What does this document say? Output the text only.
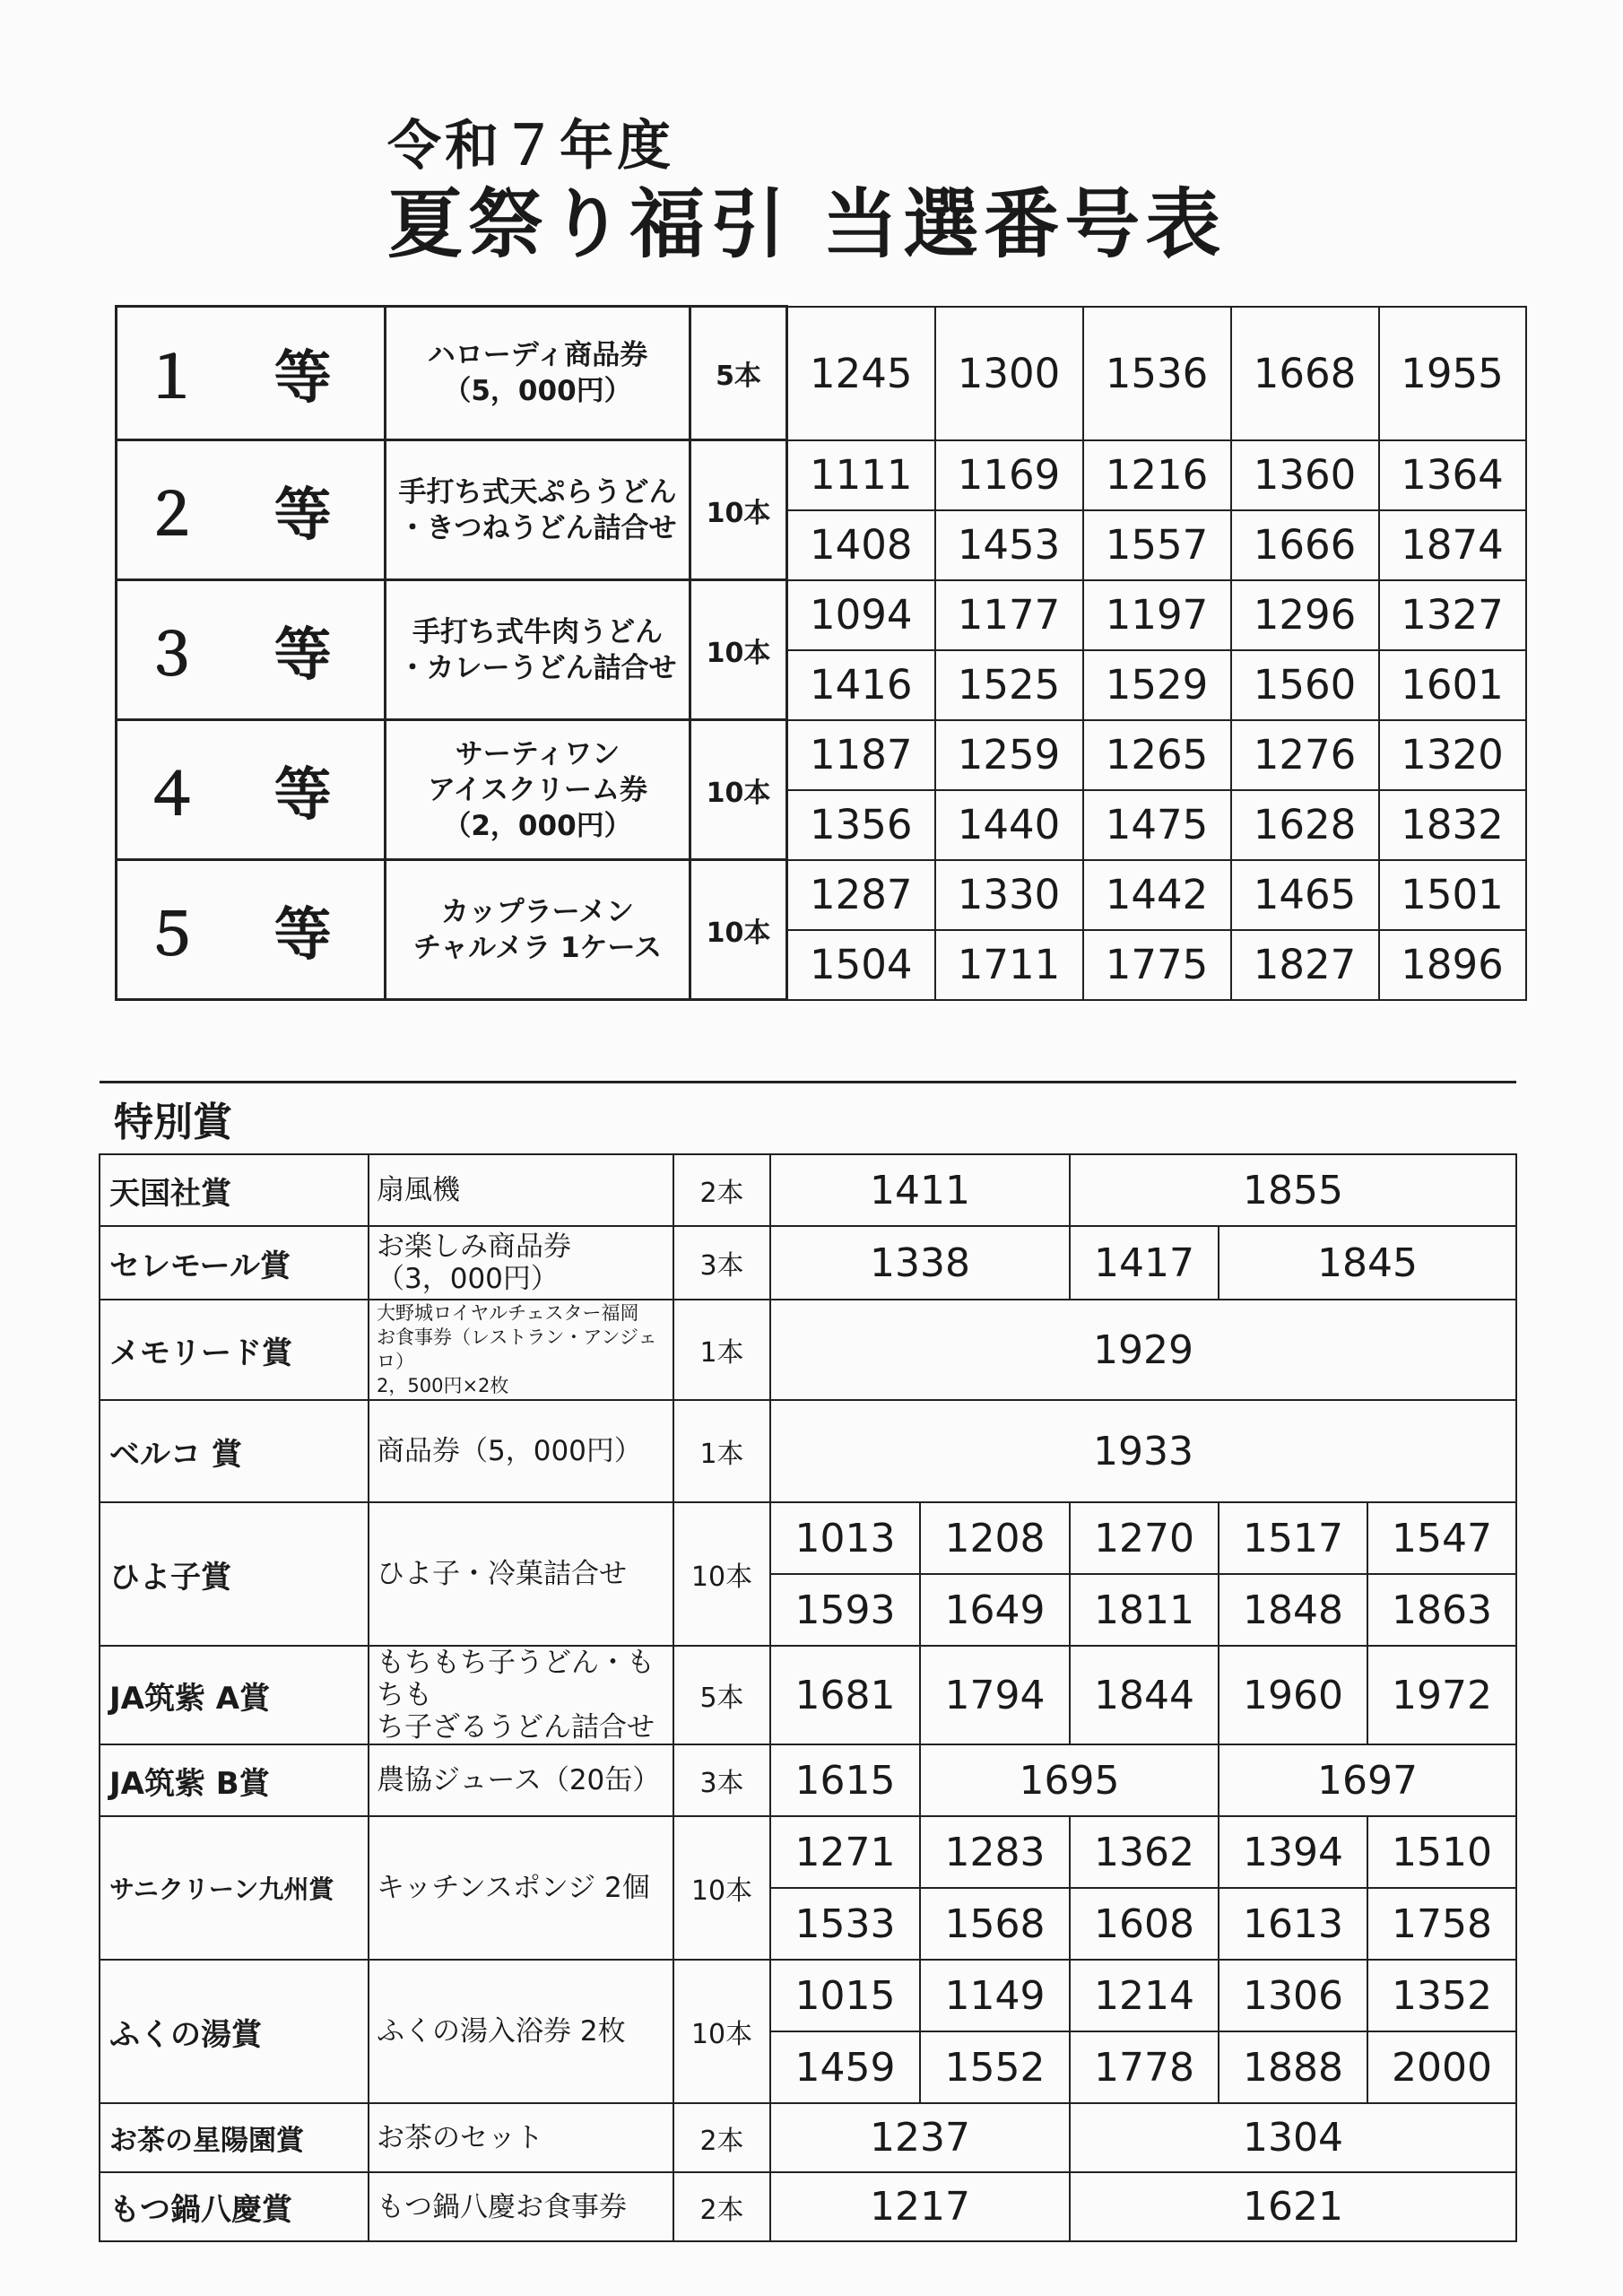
令和７年度
夏祭り福引 当選番号表
１ 等	ハローディ商品券
（5，000円）	5本	1245	1300	1536	1668	1955
２ 等	手打ち式天ぷらうどん
・きつねうどん詰合せ	10本	1111	1169	1216	1360	1364
			1408	1453	1557	1666	1874
３ 等	手打ち式牛肉うどん
・カレーうどん詰合せ	10本	1094	1177	1197	1296	1327
			1416	1525	1529	1560	1601
４ 等	サーティワン
アイスクリーム券
（2，000円）	10本	1187	1259	1265	1276	1320
			1356	1440	1475	1628	1832
５ 等	カップラーメン
チャルメラ 1ケース	10本	1287	1330	1442	1465	1501
			1504	1711	1775	1827	1896
特別賞							
天国社賞	扇風機	2本	1411		1855		
セレモール賞	お楽しみ商品券
（3，000円）	3本	1338		1417	1845	
メモリード賞	大野城ロイヤルチェスター福岡
お食事券（レストラン・アンジェロ）
2，500円×2枚	1本	1929				
ベルコ 賞	商品券（5，000円）	1本	1933				
ひよ子賞	ひよ子・冷菓詰合せ	10本	1013	1208	1270	1517	1547
			1593	1649	1811	1848	1863
JA筑紫 A賞	もちもち子うどん・もちも
ち子ざるうどん詰合せ	5本	1681	1794	1844	1960	1972
JA筑紫 B賞	農協ジュース（20缶）	3本	1615	1695		1697	
サニクリーン九州賞	キッチンスポンジ 2個	10本	1271	1283	1362	1394	1510
			1533	1568	1608	1613	1758
ふくの湯賞	ふくの湯入浴券 2枚	10本	1015	1149	1214	1306	1352
			1459	1552	1778	1888	2000
お茶の星陽園賞	お茶のセット	2本	1237		1304		
もつ鍋八慶賞	もつ鍋八慶お食事券	2本	1217		1621		
